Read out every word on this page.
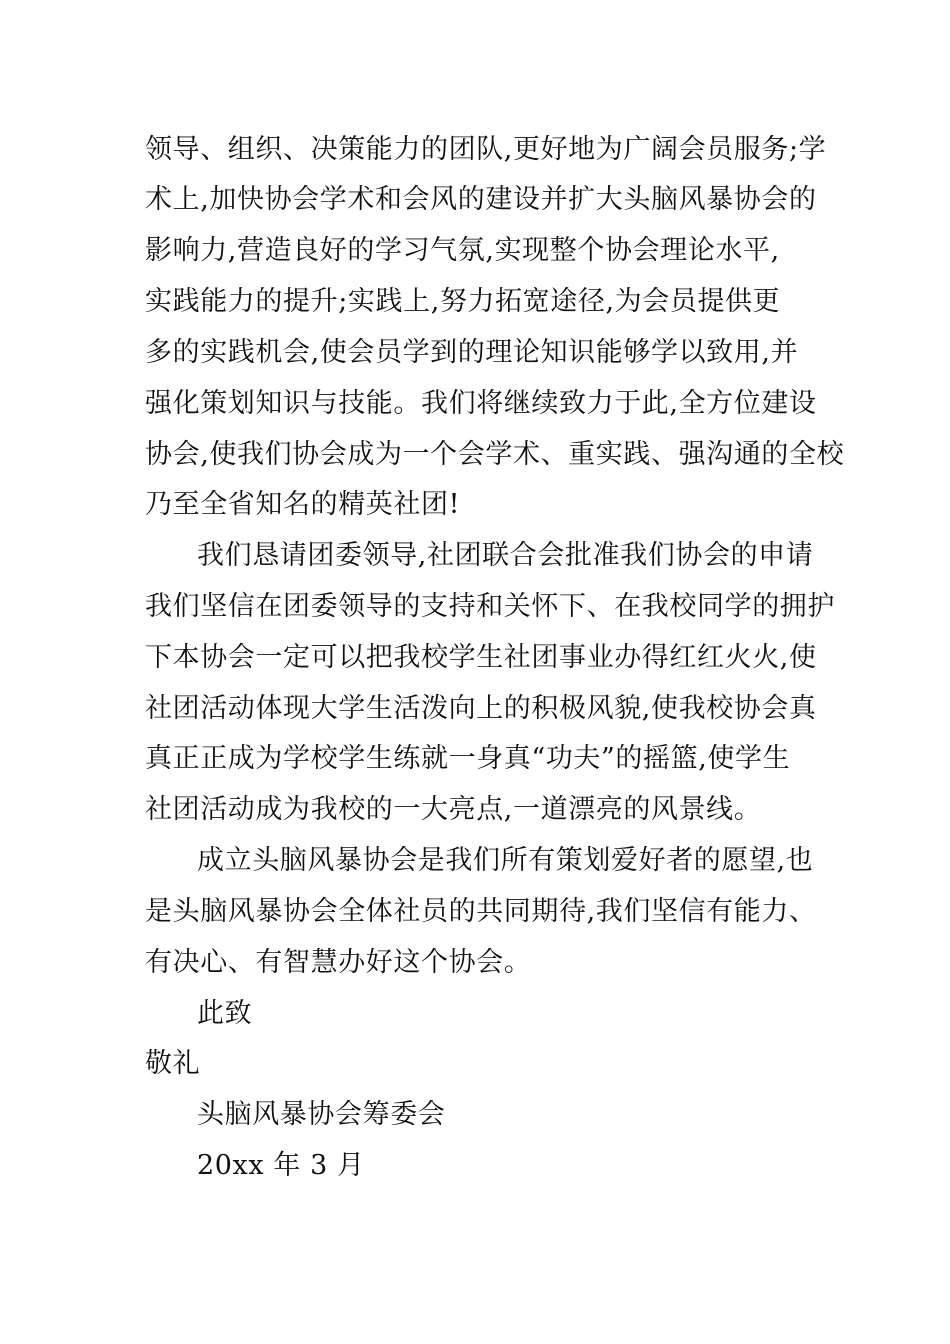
领导、组织、决策能力的团队,更好地为广阔会员服务;学
术上,加快协会学术和会风的建设并扩大头脑风暴协会的
影响力,营造良好的学习气氛,实现整个协会理论水平,
实践能力的提升;实践上,努力拓宽途径,为会员提供更
多的实践机会,使会员学到的理论知识能够学以致用,并
强化策划知识与技能。我们将继续致力于此,全方位建设
协会,使我们协会成为一个会学术、重实践、强沟通的全校
乃至全省知名的精英社团!
我们恳请团委领导,社团联合会批准我们协会的申请
我们坚信在团委领导的支持和关怀下、在我校同学的拥护
下本协会一定可以把我校学生社团事业办得红红火火,使
社团活动体现大学生活泼向上的积极风貌,使我校协会真
真正正成为学校学生练就一身真“功夫”的摇篮,使学生
社团活动成为我校的一大亮点,一道漂亮的风景线。
成立头脑风暴协会是我们所有策划爱好者的愿望,也
是头脑风暴协会全体社员的共同期待,我们坚信有能力、
有决心、有智慧办好这个协会。
此致
敬礼
头脑风暴协会筹委会
20xx 年 3 月
